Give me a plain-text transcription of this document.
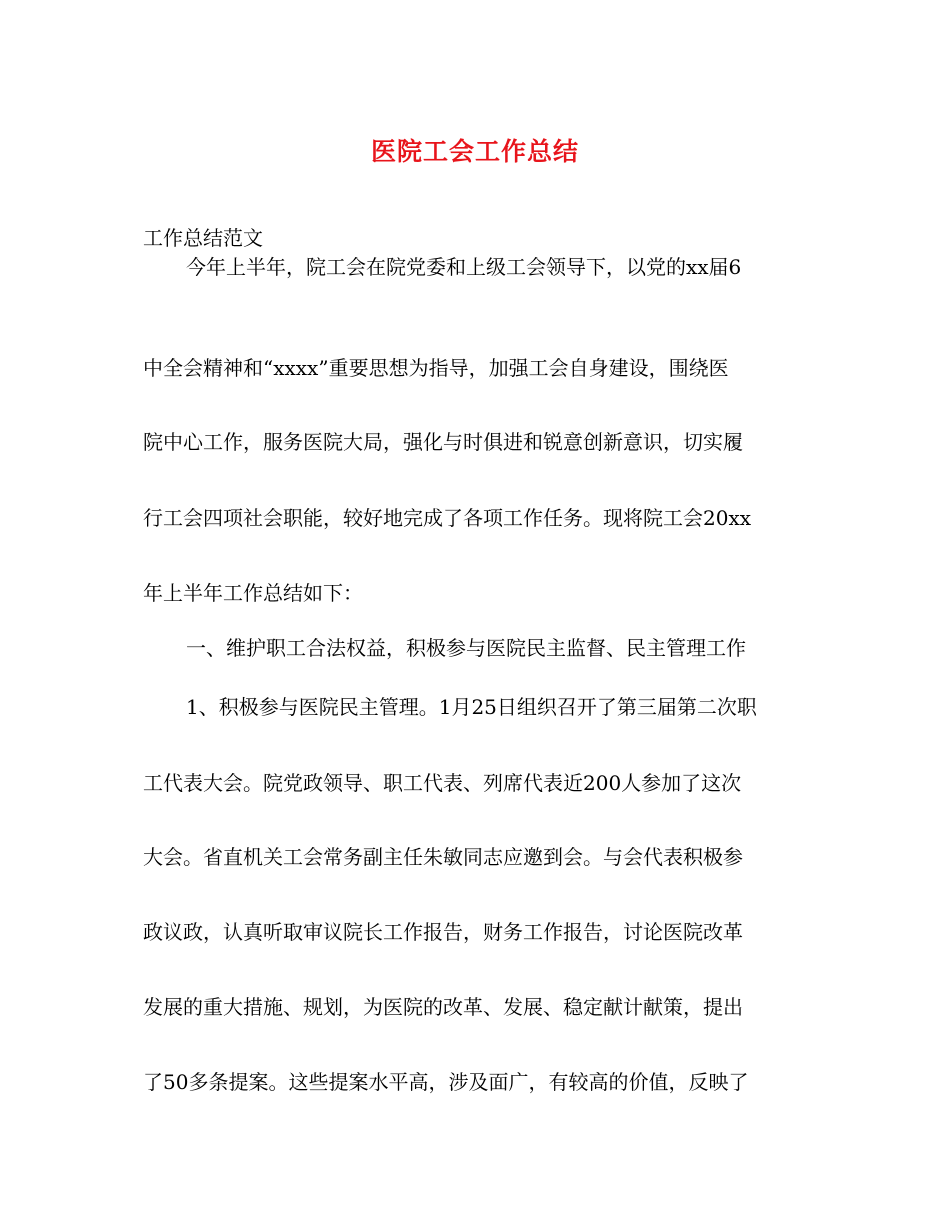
医院工会工作总结
工作总结范文
今年上半年，院工会在院党委和上级工会领导下，以党的xx届6
中全会精神和“xxxx”重要思想为指导，加强工会自身建设，围绕医
院中心工作，服务医院大局，强化与时俱进和锐意创新意识，切实履
行工会四项社会职能，较好地完成了各项工作任务。现将院工会20xx
年上半年工作总结如下：
一、维护职工合法权益，积极参与医院民主监督、民主管理工作
1、积极参与医院民主管理。1月25日组织召开了第三届第二次职
工代表大会。院党政领导、职工代表、列席代表近200人参加了这次
大会。省直机关工会常务副主任朱敏同志应邀到会。与会代表积极参
政议政，认真听取审议院长工作报告，财务工作报告，讨论医院改革
发展的重大措施、规划，为医院的改革、发展、稳定献计献策，提出
了50多条提案。这些提案水平高，涉及面广，有较高的价值，反映了
